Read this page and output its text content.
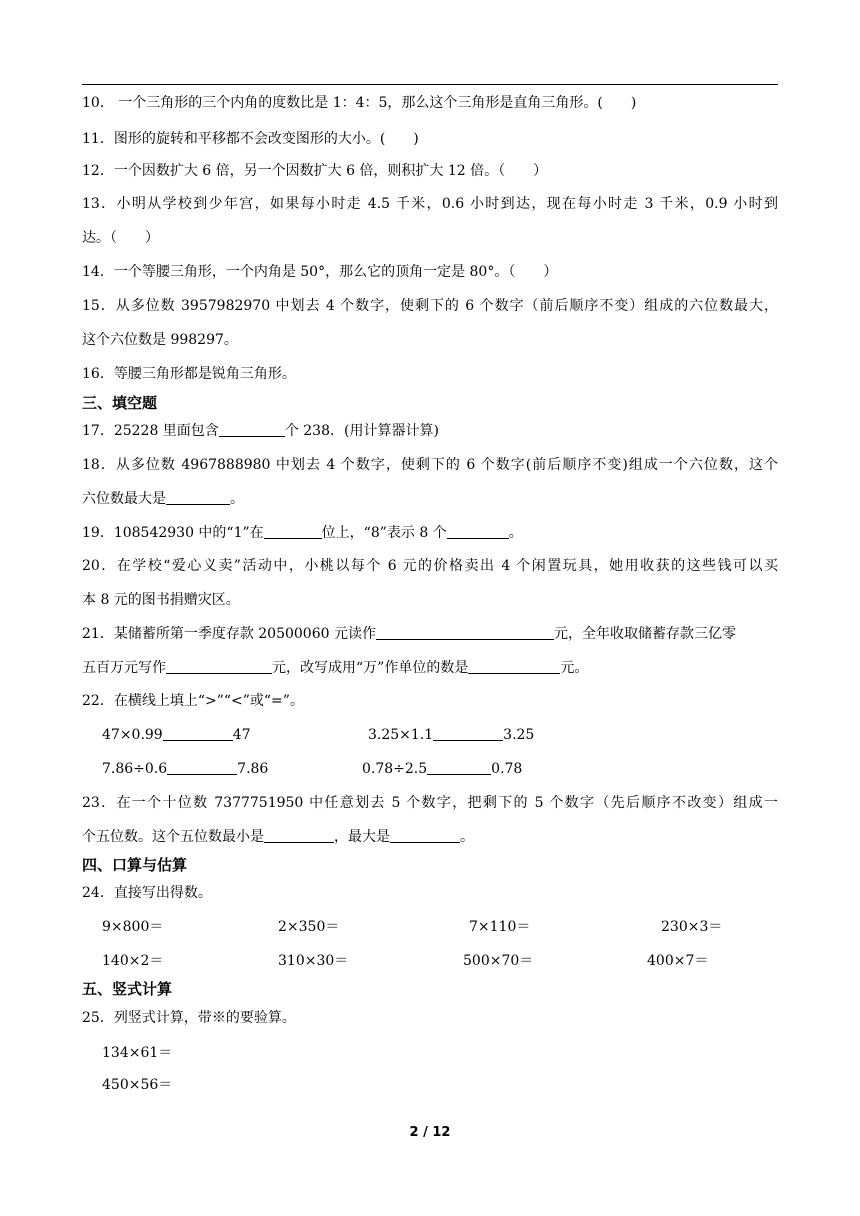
10． 一个三角形的三个内角的度数比是 1：4：5，那么这个三角形是直角三角形。(　　)
11．图形的旋转和平移都不会改变图形的大小。(　　)
12．一个因数扩大 6 倍，另一个因数扩大 6 倍，则积扩大 12 倍。（　　）
13．小明从学校到少年宫，如果每小时走 4.5 千米，0.6 小时到达，现在每小时走 3 千米，0.9 小时到
达。（　　）
14．一个等腰三角形，一个内角是 50°，那么它的顶角一定是 80°。（　　）
15．从多位数 3957982970 中划去 4 个数字，使剩下的 6 个数字（前后顺序不变）组成的六位数最大，
这个六位数是 998297。
16．等腰三角形都是锐角三角形。
三、填空题
17．25228 里面包含	个 238．(用计算器计算)
18．从多位数 4967888980 中划去 4 个数字，使剩下的 6 个数字(前后顺序不变)组成一个六位数，这个
六位数最大是	。
19．108542930 中的“1”在	位上，“8”表示 8 个	。
20．在学校“爱心义卖”活动中，小桃以每个 6 元的价格卖出 4 个闲置玩具，她用收获的这些钱可以买
本 8 元的图书捐赠灾区。
21．某储蓄所第一季度存款 20500060 元读作	元，全年收取储蓄存款三亿零
五百万元写作	元，改写成用“万”作单位的数是	元。
22．在横线上填上“>”“<”或“=”。
47×0.99	47	3.25×1.1	3.25
7.86÷0.6	7.86	0.78÷2.5	0.78
23．在一个十位数 7377751950 中任意划去 5 个数字，把剩下的 5 个数字（先后顺序不改变）组成一
个五位数。这个五位数最小是	，最大是	。
四、口算与估算
24．直接写出得数。
9×800＝	2×350＝	7×110＝	230×3＝
140×2＝	310×30＝	500×70＝	400×7＝
五、竖式计算
25．列竖式计算，带※的要验算。
134×61＝
450×56＝
2 / 12
